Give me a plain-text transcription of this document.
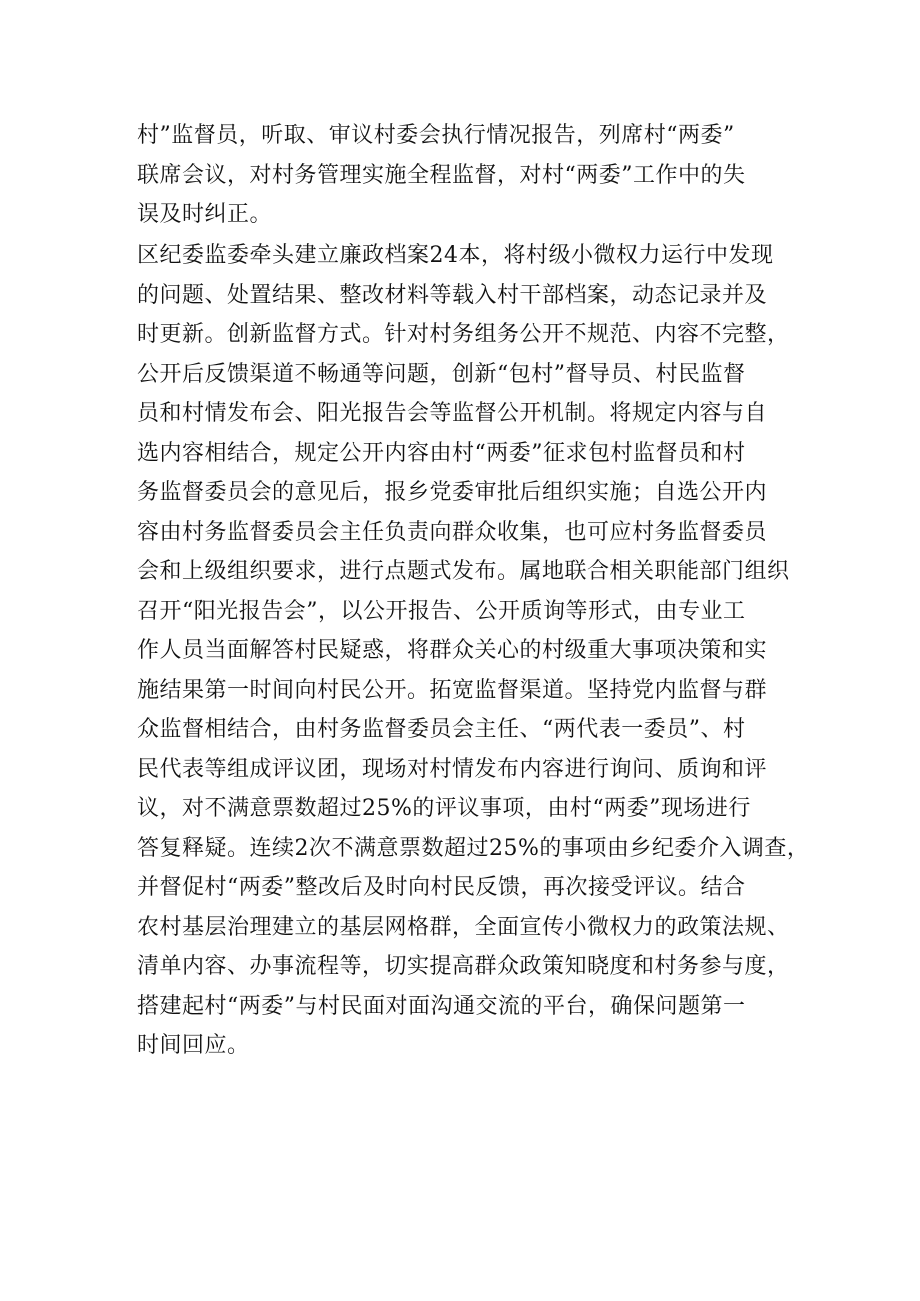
村”监督员，听取、审议村委会执行情况报告，列席村“两委”
联席会议，对村务管理实施全程监督，对村“两委”工作中的失
误及时纠正。
区纪委监委牵头建立廉政档案24本，将村级小微权力运行中发现
的问题、处置结果、整改材料等载入村干部档案，动态记录并及
时更新。创新监督方式。针对村务组务公开不规范、内容不完整，
公开后反馈渠道不畅通等问题，创新“包村”督导员、村民监督
员和村情发布会、阳光报告会等监督公开机制。将规定内容与自
选内容相结合，规定公开内容由村“两委”征求包村监督员和村
务监督委员会的意见后，报乡党委审批后组织实施；自选公开内
容由村务监督委员会主任负责向群众收集，也可应村务监督委员
会和上级组织要求，进行点题式发布。属地联合相关职能部门组织
召开“阳光报告会”，以公开报告、公开质询等形式，由专业工
作人员当面解答村民疑惑，将群众关心的村级重大事项决策和实
施结果第一时间向村民公开。拓宽监督渠道。坚持党内监督与群
众监督相结合，由村务监督委员会主任、“两代表一委员”、村
民代表等组成评议团，现场对村情发布内容进行询问、质询和评
议，对不满意票数超过25%的评议事项，由村“两委”现场进行
答复释疑。连续2次不满意票数超过25%的事项由乡纪委介入调查，
并督促村“两委”整改后及时向村民反馈，再次接受评议。结合
农村基层治理建立的基层网格群，全面宣传小微权力的政策法规、
清单内容、办事流程等，切实提高群众政策知晓度和村务参与度，
搭建起村“两委”与村民面对面沟通交流的平台，确保问题第一
时间回应。
